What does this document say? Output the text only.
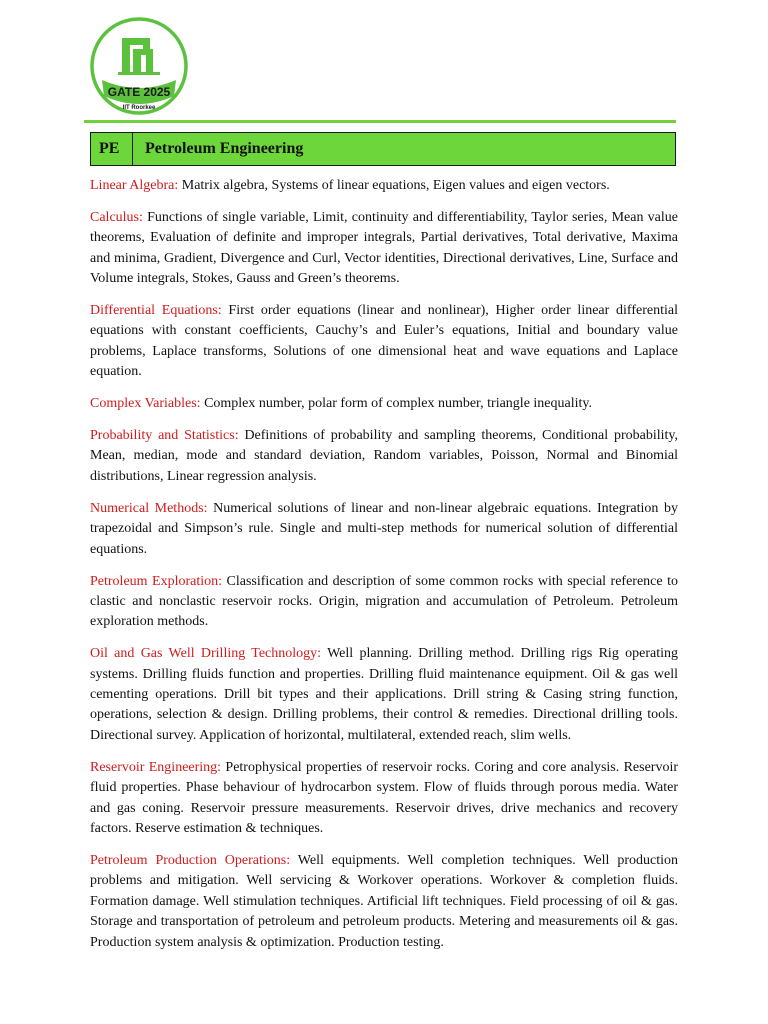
GATE 2025
IIT Roorkee
PE	Petroleum Engineering

Linear Algebra: Matrix algebra, Systems of linear equations, Eigen values and eigen vectors.

Calculus: Functions of single variable, Limit, continuity and differentiability, Taylor series, Mean value theorems, Evaluation of definite and improper integrals, Partial derivatives, Total derivative, Maxima and minima, Gradient, Divergence and Curl, Vector identities, Directional derivatives, Line, Surface and Volume integrals, Stokes, Gauss and Green’s theorems.

Differential Equations: First order equations (linear and nonlinear), Higher order linear differential equations with constant coefficients, Cauchy’s and Euler’s equations, Initial and boundary value problems, Laplace transforms, Solutions of one dimensional heat and wave equations and Laplace equation.

Complex Variables: Complex number, polar form of complex number, triangle inequality.

Probability and Statistics: Definitions of probability and sampling theorems, Conditional probability, Mean, median, mode and standard deviation, Random variables, Poisson, Normal and Binomial distributions, Linear regression analysis.

Numerical Methods: Numerical solutions of linear and non-linear algebraic equations. Integration by trapezoidal and Simpson’s rule. Single and multi-step methods for numerical solution of differential equations.

Petroleum Exploration: Classification and description of some common rocks with special reference to clastic and nonclastic reservoir rocks. Origin, migration and accumulation of Petroleum. Petroleum exploration methods.

Oil and Gas Well Drilling Technology: Well planning. Drilling method. Drilling rigs Rig operating systems. Drilling fluids function and properties. Drilling fluid maintenance equipment. Oil & gas well cementing operations. Drill bit types and their applications. Drill string & Casing string function, operations, selection & design. Drilling problems, their control & remedies. Directional drilling tools. Directional survey. Application of horizontal, multilateral, extended reach, slim wells.

Reservoir Engineering: Petrophysical properties of reservoir rocks. Coring and core analysis. Reservoir fluid properties. Phase behaviour of hydrocarbon system. Flow of fluids through porous media. Water and gas coning. Reservoir pressure measurements. Reservoir drives, drive mechanics and recovery factors. Reserve estimation & techniques.

Petroleum Production Operations: Well equipments. Well completion techniques. Well production problems and mitigation. Well servicing & Workover operations. Workover & completion fluids. Formation damage. Well stimulation techniques. Artificial lift techniques. Field processing of oil & gas. Storage and transportation of petroleum and petroleum products. Metering and measurements oil & gas. Production system analysis & optimization. Production testing.
